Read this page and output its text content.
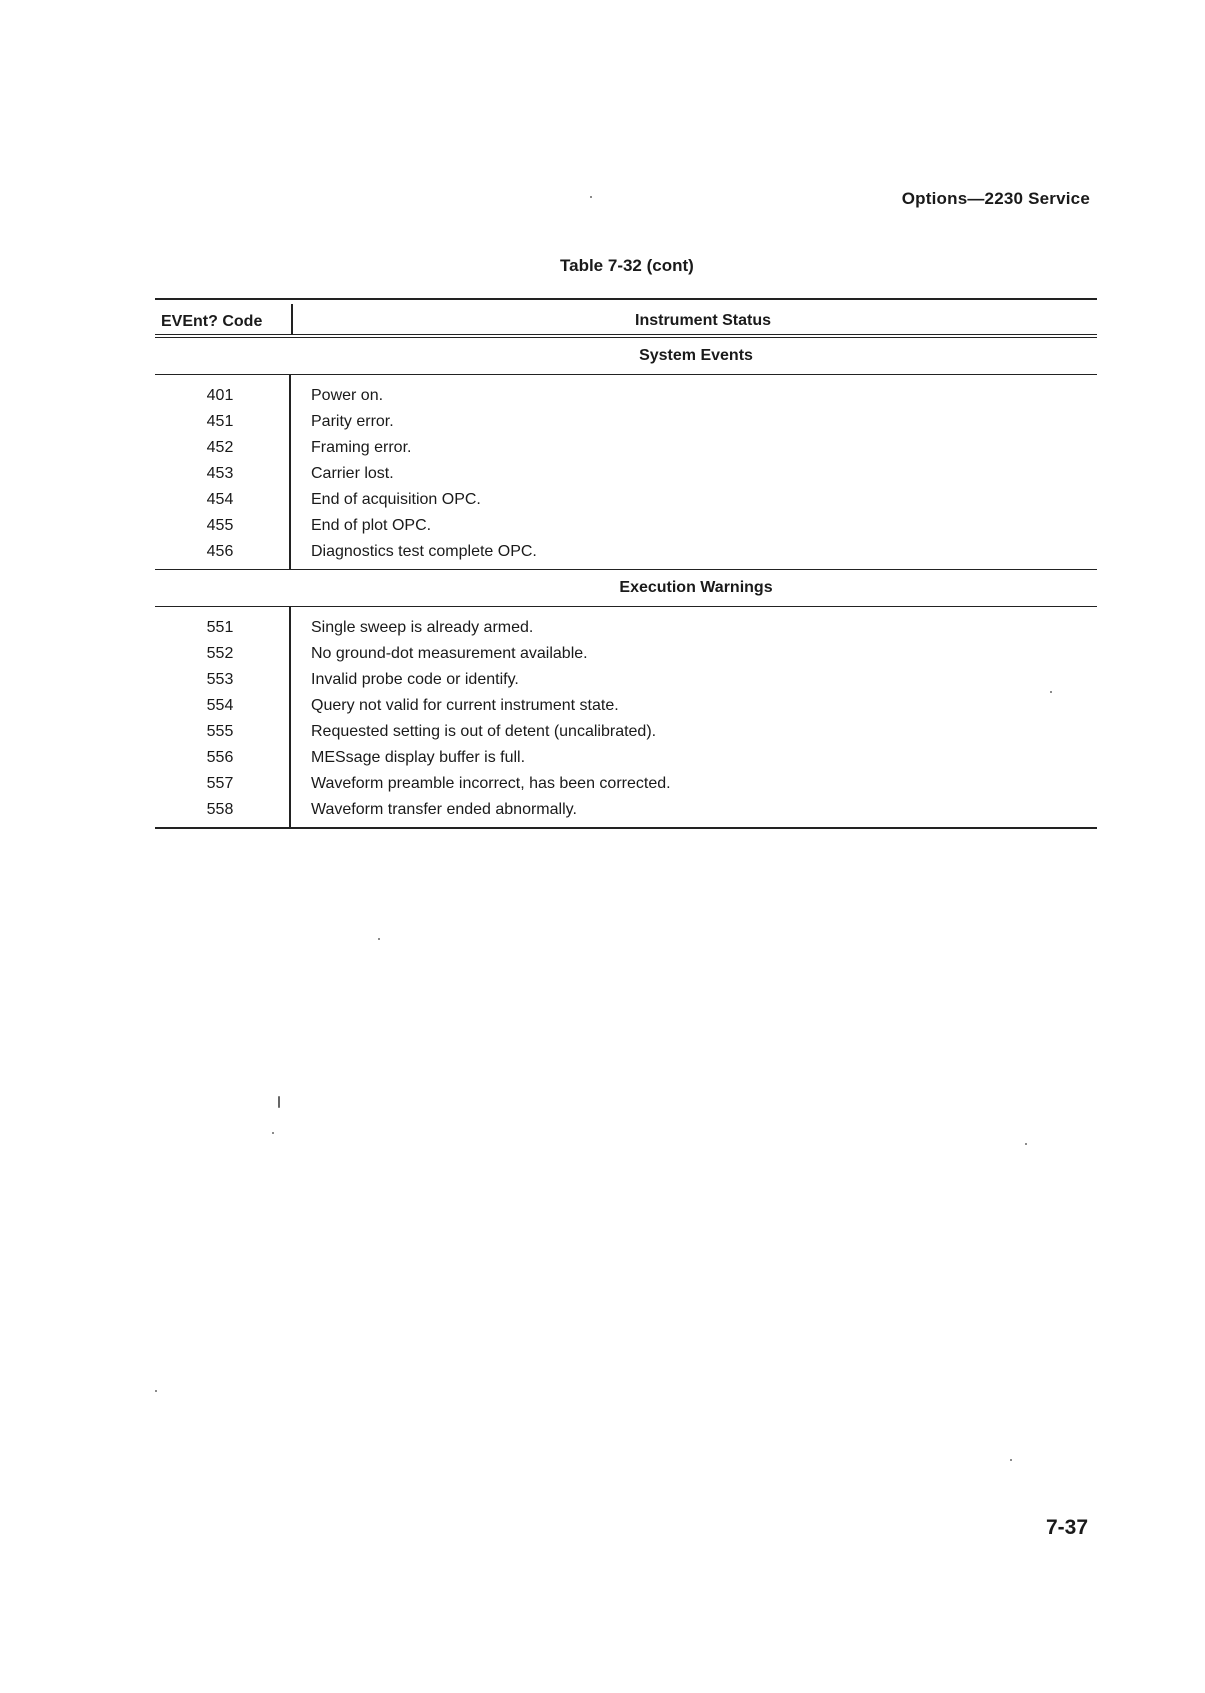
Options—2230 Service
Table 7-32 (cont)
EVEnt? Code	Instrument Status
System Events
401	Power on.
451	Parity error.
452	Framing error.
453	Carrier lost.
454	End of acquisition OPC.
455	End of plot OPC.
456	Diagnostics test complete OPC.
Execution Warnings
551	Single sweep is already armed.
552	No ground-dot measurement available.
553	Invalid probe code or identify.
554	Query not valid for current instrument state.
555	Requested setting is out of detent (uncalibrated).
556	MESsage display buffer is full.
557	Waveform preamble incorrect, has been corrected.
558	Waveform transfer ended abnormally.
7-37
